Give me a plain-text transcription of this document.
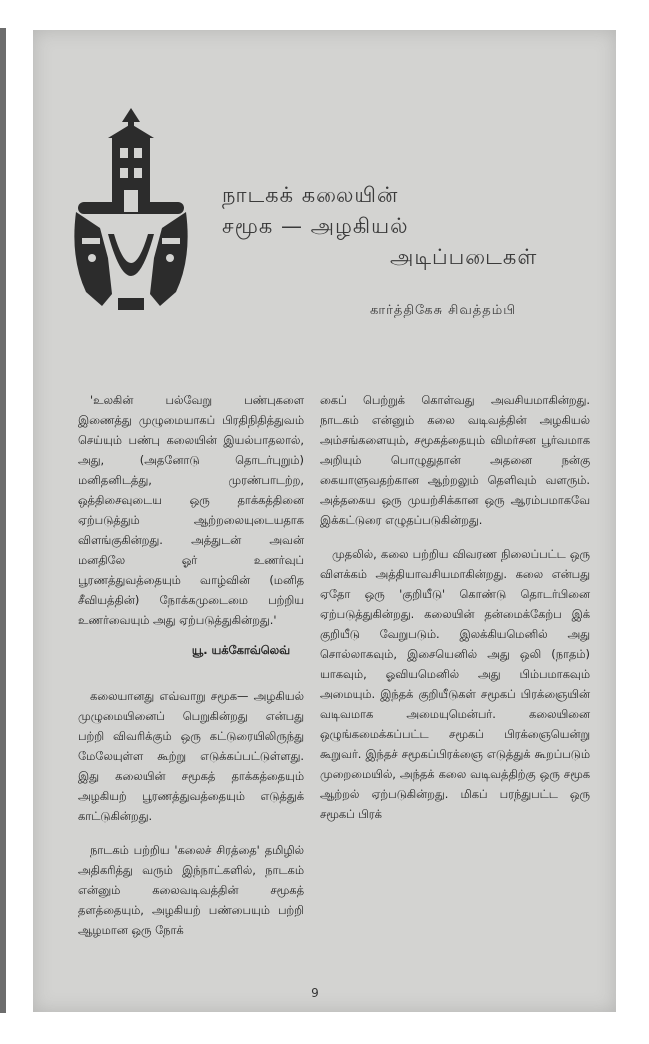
நாடகக் கலையின்
சமூக — அழகியல்
அடிப்படைகள்
கார்த்திகேசு சிவத்தம்பி

'உலகின் பல்வேறு பண்புகளை இணைத்து முழுமையாகப் பிரதிநிதித்துவம் செய்யும் பண்பு கலையின் இயல்பாதலால், அது, (அதனோடு தொடர்புறும்) மனிதனிடத்து, முரண்பாடற்ற, ஒத்திசைவுடைய ஒரு தாக்கத்தினை ஏற்படுத்தும் ஆற்றலையுடையதாக விளங்குகின்றது. அத்துடன் அவன் மனதிலே ஓர் உணர்வுப் பூரணத்துவத்தையும் வாழ்வின் (மனித சீவியத்தின்) நோக்கமுடைமை பற்றிய உணர்வையும் அது ஏற்படுத்துகின்றது.'

யூ. யக்கோவ்லெவ்

கலையானது எவ்வாறு சமூக— அழகியல் முழுமையினைப் பெறுகின்றது என்பது பற்றி விவரிக்கும் ஒரு கட்டுரையிலிருந்து மேலேயுள்ள கூற்று எடுக்கப்பட்டுள்ளது. இது கலையின் சமூகத் தாக்கத்தையும் அழகியற் பூரணத்துவத்தையும் எடுத்துக் காட்டுகின்றது.

நாடகம் பற்றிய 'கலைச் சிரத்தை' தமிழில் அதிகரித்து வரும் இந்நாட்களில், நாடகம் என்னும் கலைவடிவத்தின் சமூகத் தளத்தையும், அழகியற் பண்பையும் பற்றி ஆழமான ஒரு நோக்

கைப் பெற்றுக் கொள்வது அவசியமாகின்றது. நாடகம் என்னும் கலை வடிவத்தின் அழகியல் அம்சங்களையும், சமூகத்தையும் விமர்சன பூர்வமாக அறியும் பொழுதுதான் அதனை நன்கு கையாளுவதற்கான ஆற்றலும் தெளிவும் வளரும். அத்தகைய ஒரு முயற்சிக்கான ஒரு ஆரம்பமாகவே இக்கட்டுரை எழுதப்படுகின்றது.

முதலில், கலை பற்றிய விவரண நிலைப்பட்ட ஒரு விளக்கம் அத்தியாவசியமாகின்றது. கலை என்பது ஏதோ ஒரு 'குறியீடு' கொண்டு தொடர்பினை ஏற்படுத்துகின்றது. கலையின் தன்மைக்கேற்ப இக் குறியீடு வேறுபடும். இலக்கியமெனில் அது சொல்லாகவும், இசையெனில் அது ஒலி (நாதம்) யாகவும், ஓவியமெனில் அது பிம்பமாகவும் அமையும். இந்தக் குறியீடுகள் சமூகப் பிரக்ஞையின் வடிவமாக அமையுமென்பர். கலையினை ஒழுங்கமைக்கப்பட்ட சமூகப் பிரக்ஞையென்று கூறுவர். இந்தச் சமூகப்பிரக்ஞை எடுத்துக் கூறப்படும் முறைமையில், அந்தக் கலை வடிவத்திற்கு ஒரு சமூக ஆற்றல் ஏற்படுகின்றது. மிகப் பரந்துபட்ட ஒரு சமூகப் பிரக்

9
